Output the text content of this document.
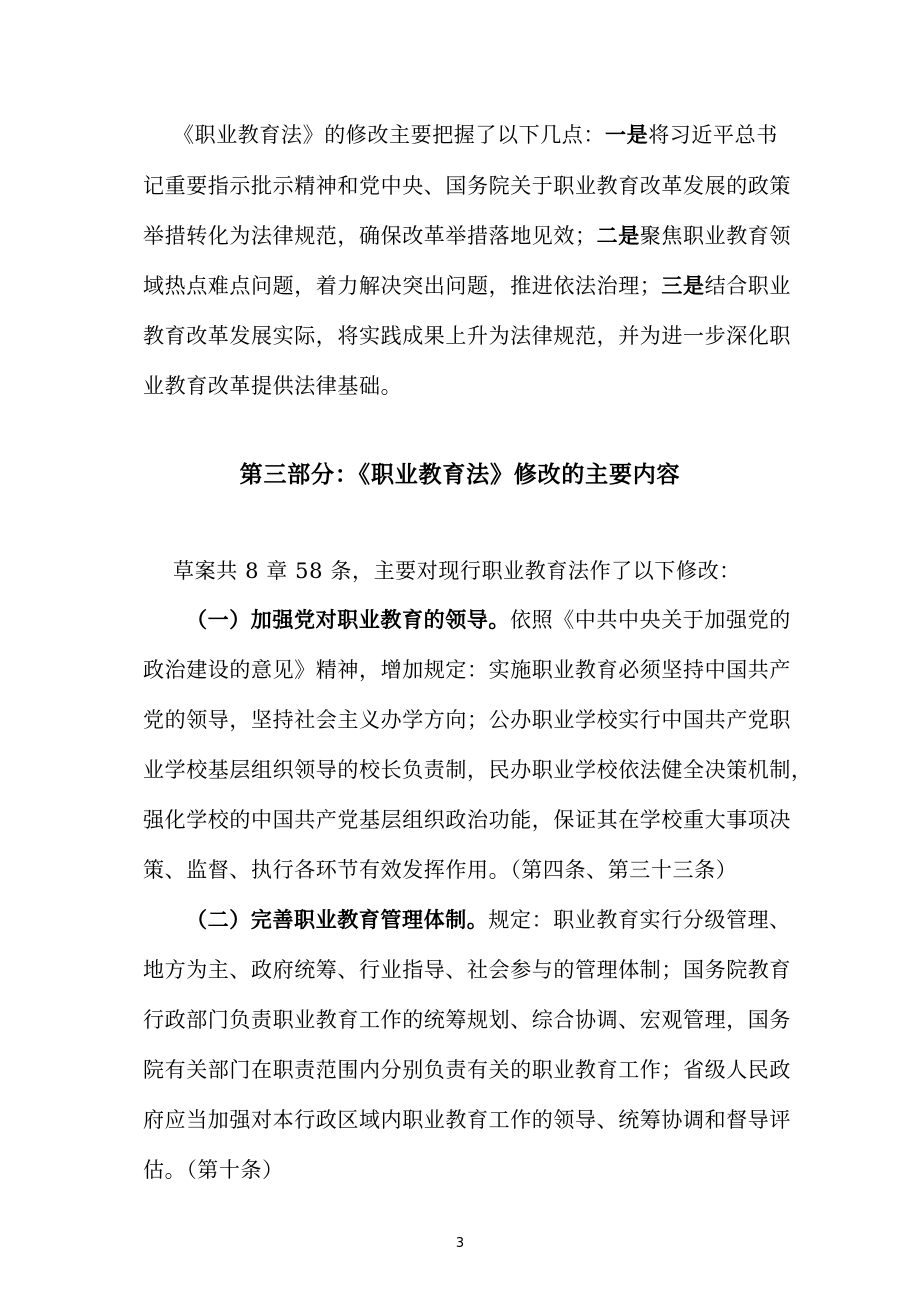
《职业教育法》的修改主要把握了以下几点：一是将习近平总书
记重要指示批示精神和党中央、国务院关于职业教育改革发展的政策
举措转化为法律规范，确保改革举措落地见效；二是聚焦职业教育领
域热点难点问题，着力解决突出问题，推进依法治理；三是结合职业
教育改革发展实际，将实践成果上升为法律规范，并为进一步深化职
业教育改革提供法律基础。
第三部分：《职业教育法》修改的主要内容
草案共 8 章 58 条，主要对现行职业教育法作了以下修改：
（一）加强党对职业教育的领导。依照《中共中央关于加强党的
政治建设的意见》精神，增加规定：实施职业教育必须坚持中国共产
党的领导，坚持社会主义办学方向；公办职业学校实行中国共产党职
业学校基层组织领导的校长负责制，民办职业学校依法健全决策机制，
强化学校的中国共产党基层组织政治功能，保证其在学校重大事项决
策、监督、执行各环节有效发挥作用。（第四条、第三十三条）
（二）完善职业教育管理体制。规定：职业教育实行分级管理、
地方为主、政府统筹、行业指导、社会参与的管理体制；国务院教育
行政部门负责职业教育工作的统筹规划、综合协调、宏观管理，国务
院有关部门在职责范围内分别负责有关的职业教育工作；省级人民政
府应当加强对本行政区域内职业教育工作的领导、统筹协调和督导评
估。（第十条）
3
